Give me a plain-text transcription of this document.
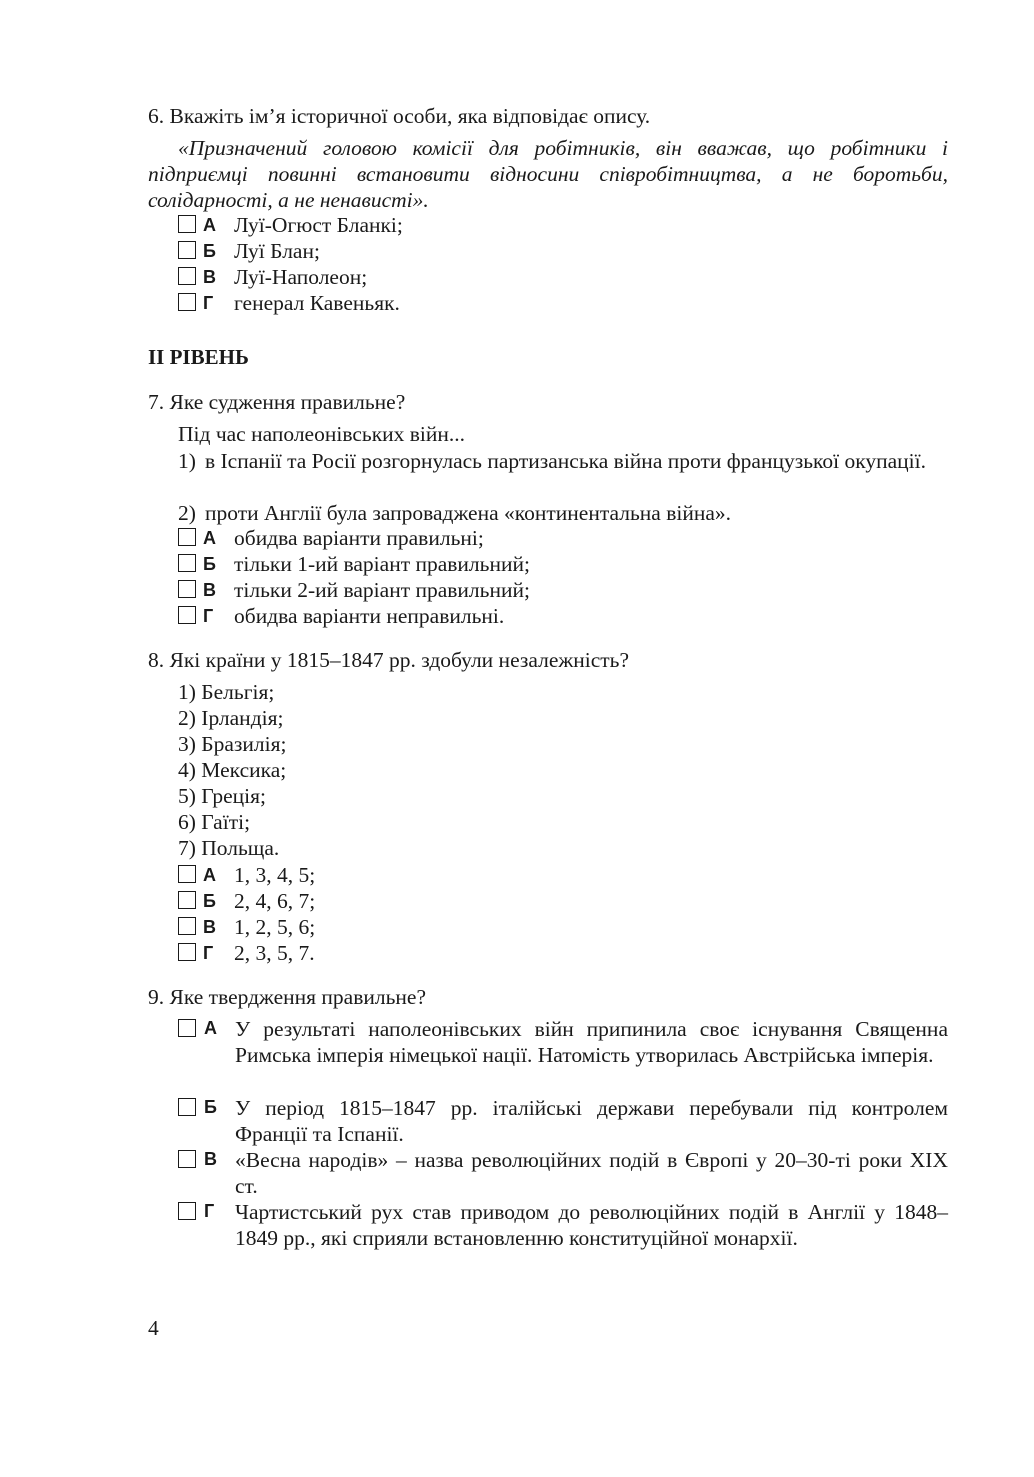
6. Вкажіть ім’я історичної особи, яка відповідає опису.

«Призначений головою комісії для робітників, він вважав, що робітники і підприємці повинні встановити відносини співробітництва, а не боротьби, солідарності, а не ненависті».

А Луї-Огюст Бланкі;
Б Луї Блан;
В Луї-Наполеон;
Г генерал Кавеньяк.

ІІ РІВЕНЬ

7. Яке судження правильне?

Під час наполеонівських війн...

1) в Іспанії та Росії розгорнулась партизанська війна проти французької окупації.
2) проти Англії була запроваджена «континентальна війна».
А обидва варіанти правильні;
Б тільки 1-ий варіант правильний;
В тільки 2-ий варіант правильний;
Г обидва варіанти неправильні.

8. Які країни у 1815–1847 рр. здобули незалежність?

1) Бельгія;

2) Ірландія;

3) Бразилія;

4) Мексика;

5) Греція;

6) Гаїті;

7) Польща.

А 1, 3, 4, 5;
Б 2, 4, 6, 7;
В 1, 2, 5, 6;
Г 2, 3, 5, 7.

9. Яке твердження правильне?

А У результаті наполеонівських війн припинила своє існування Священна Римська імперія німецької нації. Натомість утворилась Австрійська імперія.
Б У період 1815–1847 рр. італійські держави перебували під контролем Франції та Іспанії.
В «Весна народів» – назва революційних подій в Європі у 20–30-ті роки XIX ст.
Г Чартистський рух став приводом до революційних подій в Англії у 1848–1849 рр., які сприяли встановленню конституційної монархії.

4
